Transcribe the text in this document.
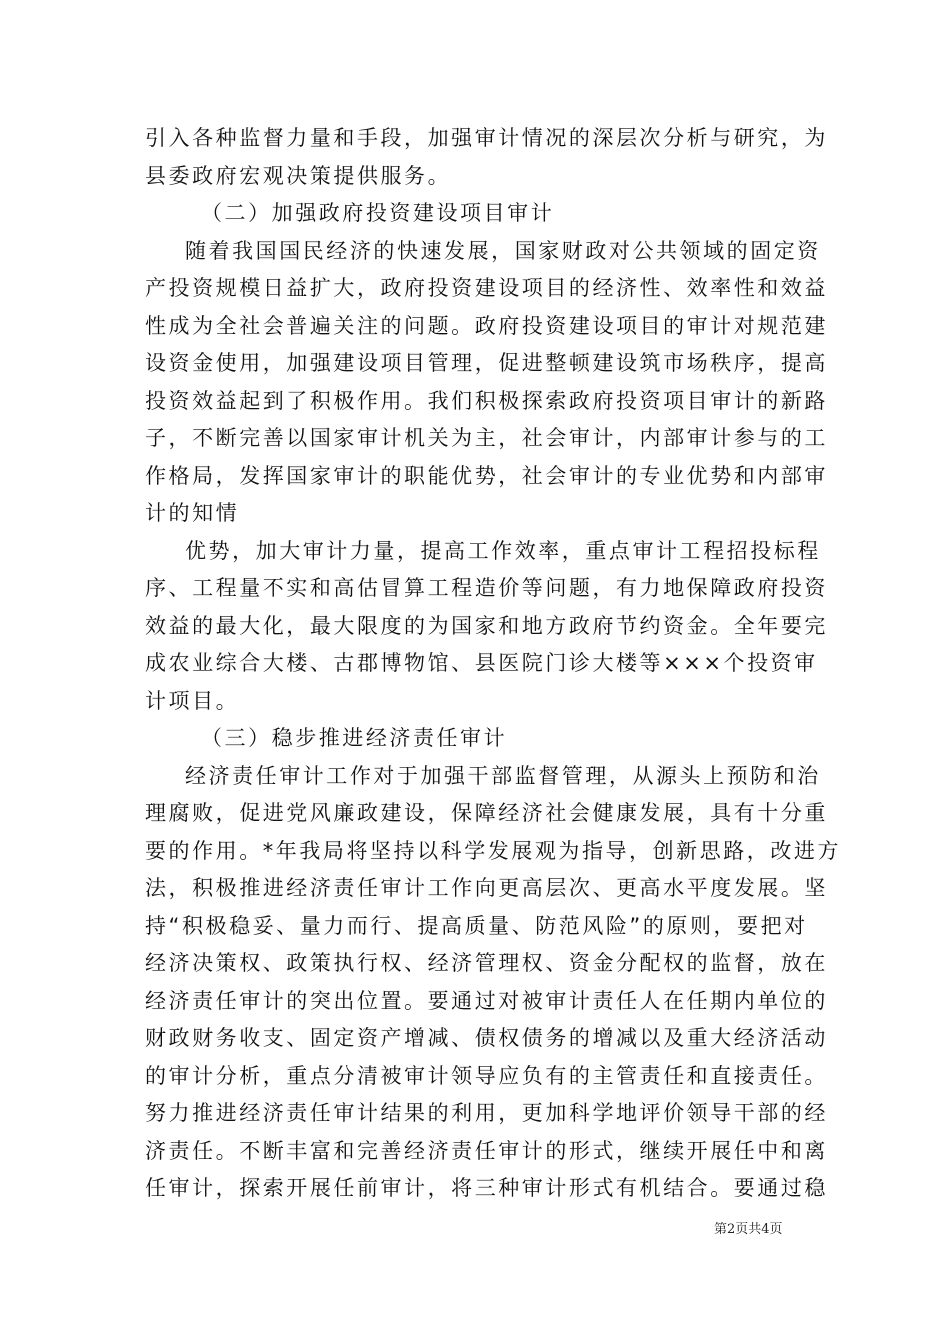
引入各种监督力量和手段，加强审计情况的深层次分析与研究，为
县委政府宏观决策提供服务。
（二）加强政府投资建设项目审计
随着我国国民经济的快速发展，国家财政对公共领域的固定资
产投资规模日益扩大，政府投资建设项目的经济性、效率性和效益
性成为全社会普遍关注的问题。政府投资建设项目的审计对规范建
设资金使用，加强建设项目管理，促进整顿建设筑市场秩序，提高
投资效益起到了积极作用。我们积极探索政府投资项目审计的新路
子，不断完善以国家审计机关为主，社会审计，内部审计参与的工
作格局，发挥国家审计的职能优势，社会审计的专业优势和内部审
计的知情
优势，加大审计力量，提高工作效率，重点审计工程招投标程
序、工程量不实和高估冒算工程造价等问题，有力地保障政府投资
效益的最大化，最大限度的为国家和地方政府节约资金。全年要完
成农业综合大楼、古郡博物馆、县医院门诊大楼等×××个投资审
计项目。
（三）稳步推进经济责任审计
经济责任审计工作对于加强干部监督管理，从源头上预防和治
理腐败，促进党风廉政建设，保障经济社会健康发展，具有十分重
要的作用。*年我局将坚持以科学发展观为指导，创新思路，改进方
法，积极推进经济责任审计工作向更高层次、更高水平度发展。坚
持“积极稳妥、量力而行、提高质量、防范风险”的原则，要把对
经济决策权、政策执行权、经济管理权、资金分配权的监督，放在
经济责任审计的突出位置。要通过对被审计责任人在任期内单位的
财政财务收支、固定资产增减、债权债务的增减以及重大经济活动
的审计分析，重点分清被审计领导应负有的主管责任和直接责任。
努力推进经济责任审计结果的利用，更加科学地评价领导干部的经
济责任。不断丰富和完善经济责任审计的形式，继续开展任中和离
任审计，探索开展任前审计，将三种审计形式有机结合。要通过稳
第2页共4页
